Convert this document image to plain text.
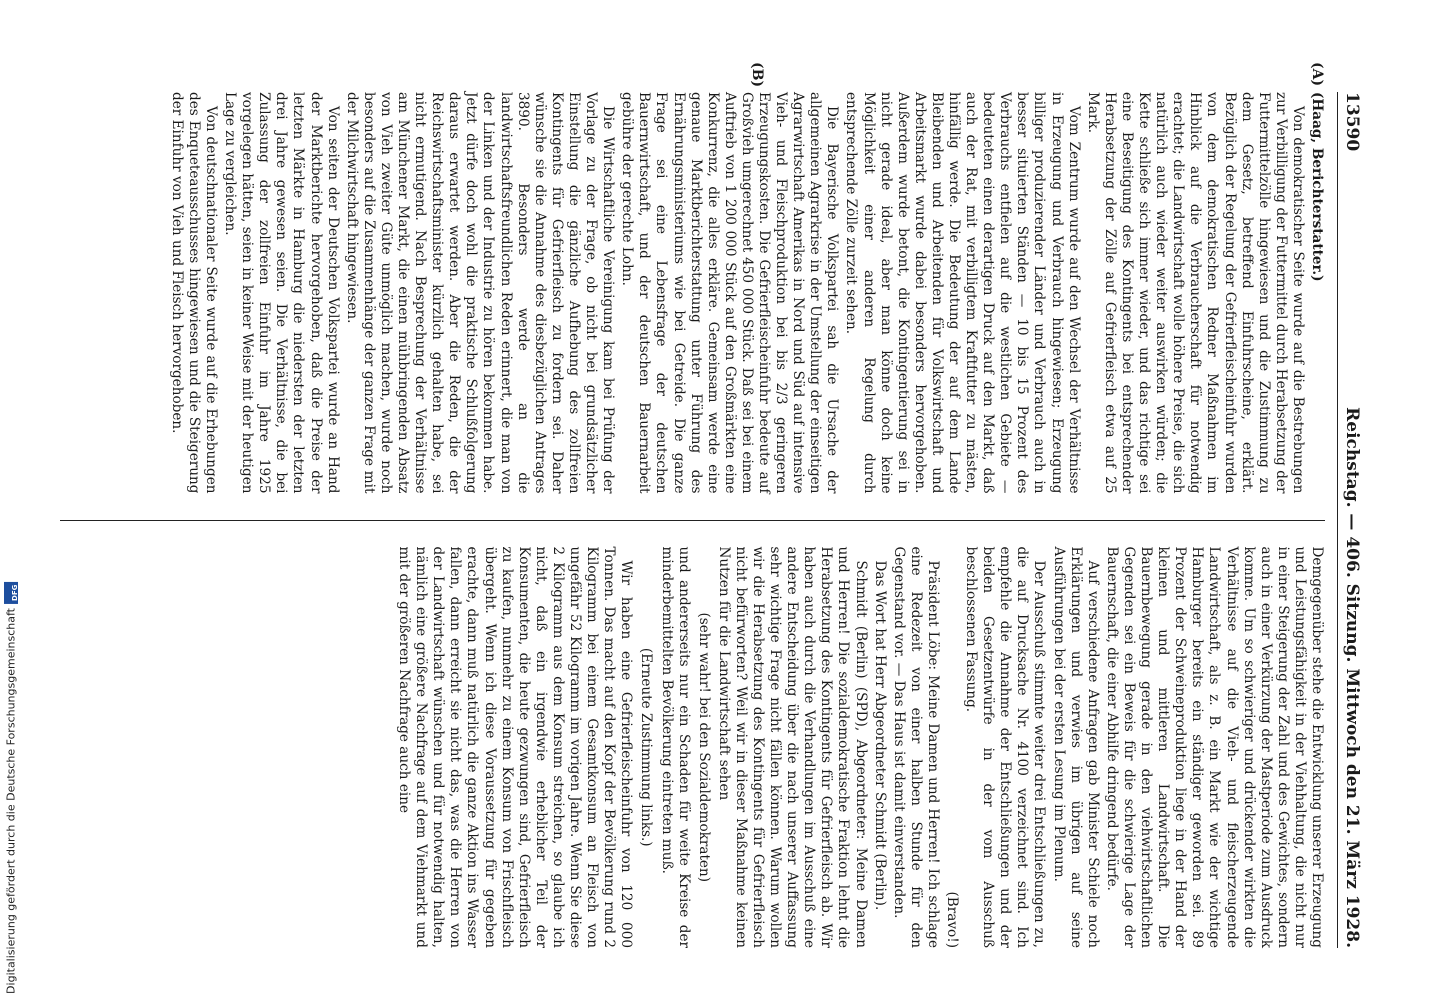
13590
Reichstag. — 406. Sitzung. Mittwoch den 21. März 1928.
(A)
(B)

(Haag, Berichterstatter.)

Von demokratischer Seite wurde auf die Bestrebungen zur Verbilligung der Futtermittel durch Herabsetzung der Futtermittelzölle hingewiesen und die Zustimmung zu dem Gesetz, betreffend Einfuhrscheine, erklärt. Bezüglich der Regelung der Gefrierfleischeinfuhr wurden von dem demokratischen Redner Maßnahmen im Hinblick auf die Verbraucherschaft für notwendig erachtet; die Landwirtschaft wolle höhere Preise, die sich natürlich auch wieder weiter auswirken würden; die Kette schließe sich immer wieder, und das richtige sei eine Beseitigung des Kontingents bei entsprechender Herabsetzung der Zölle auf Gefrierfleisch etwa auf 25 Mark.

Vom Zentrum wurde auf den Wechsel der Verhältnisse in Erzeugung und Verbrauch hingewiesen; Erzeugung billiger produzierender Länder und Verbrauch auch in besser situierten Ständen — 10 bis 15 Prozent des Verbrauchs entfielen auf die westlichen Gebiete — bedeuteten einen derartigen Druck auf den Markt, daß auch der Rat, mit verbilligtem Kraftfutter zu mästen, hinfällig werde. Die Bedeutung der auf dem Lande Bleibenden und Arbeitenden für Volkswirtschaft und Arbeitsmarkt wurde dabei besonders hervorgehoben. Außerdem wurde betont, die Kontingentierung sei in nicht gerade ideal, aber man könne doch keine Möglichkeit einer anderen Regelung durch entsprechende Zölle zurzeit sehen.

Die Bayerische Volkspartei sah die Ursache der allgemeinen Agrarkrise in der Umstellung der einseitigen Agrarwirtschaft Amerikas in Nord und Süd auf intensive Vieh- und Fleischproduktion bei bis 2/3 geringeren Erzeugungskosten. Die Gefrierfleischeinfuhr bedeute auf Großvieh umgerechnet 450 000 Stück. Daß sei bei einem Auftrieb von 1 200 000 Stück auf den Großmärkten eine Konkurrenz, die alles erkläre. Gemeinsam werde eine genaue Marktberichterstattung unter Führung des Ernährungsministeriums wie bei Getreide. Die ganze Frage sei eine Lebensfrage der deutschen Bauernwirtschaft, und der deutschen Bauernarbeit gebühre der gerechte Lohn.

Die Wirtschaftliche Vereinigung kam bei Prüfung der Vorlage zu der Frage, ob nicht bei grundsätzlicher Einstellung die gänzliche Aufhebung des zollfreien Kontingents für Gefrierfleisch zu fordern sei. Daher wünsche sie die Annahme des diesbezüglichen Antrages 3890. Besonders werde an die landwirtschaftsfreundlichen Reden erinnert, die man von der Linken und der Industrie zu hören bekommen habe. Jetzt dürfe doch wohl die praktische Schlußfolgerung daraus erwartet werden. Aber die Reden, die der Reichswirtschaftsminister kürzlich gehalten habe, sei nicht ermutigend. Nach Besprechung der Verhältnisse am Münchener Markt, die einen mühbringenden Absatz von Vieh zweiter Güte unmöglich machen, wurde noch besonders auf die Zusammenhänge der ganzen Frage mit der Milchwirtschaft hingewiesen.

Von seiten der Deutschen Volkspartei wurde an Hand der Marktberichte hervorgehoben, daß die Preise der letzten Märkte in Hamburg die niedersten der letzten drei Jahre gewesen seien. Die Verhältnisse, die bei Zulassung der zollfreien Einfuhr im Jahre 1925 vorgelegen hätten, seien in keiner Weise mit der heutigen Lage zu vergleichen.

Von deutschnationaler Seite wurde auf die Erhebungen des Enqueteausschusses hingewiesen und die Steigerung der Einfuhr von Vieh und Fleisch hervorgehoben.

Demgegenüber stehe die Entwicklung unserer Erzeugung und Leistungsfähigkeit in der Viehhaltung, die nicht nur in einer Steigerung der Zahl und des Gewichtes, sondern auch in einer Verkürzung der Mastperiode zum Ausdruck komme. Um so schwieriger und drückender wirkten die Verhältnisse auf die Vieh- und fleischerzeugende Landwirtschaft, als z. B. ein Markt wie der wichtige Hamburger bereits ein ständiger geworden sei. 89 Prozent der Schweineproduktion liege in der Hand der kleinen und mittleren Landwirtschaft. Die Bauernbewegung gerade in den viehwirtschaftlichen Gegenden sei ein Beweis für die schwierige Lage der Bauernschaft, die einer Abhilfe dringend bedürfe.

Auf verschiedene Anfragen gab Minister Schiele noch Erklärungen und verwies im übrigen auf seine Ausführungen bei der ersten Lesung im Plenum.

Der Ausschuß stimmte weiter drei Entschließungen zu, die auf Drucksache Nr. 4100 verzeichnet sind. Ich empfehle die Annahme der Entschließungen und der beiden Gesetzentwürfe in der vom Ausschuß beschlossenen Fassung.

(Bravo!)

Präsident Löbe: Meine Damen und Herren! Ich schlage eine Redezeit von einer halben Stunde für den Gegenstand vor. — Das Haus ist damit einverstanden.

Das Wort hat Herr Abgeordneter Schmidt (Berlin).

Schmidt (Berlin) (SPD), Abgeordneter: Meine Damen und Herren! Die sozialdemokratische Fraktion lehnt die Herabsetzung des Kontingents für Gefrierfleisch ab. Wir haben auch durch die Verhandlungen im Ausschuß eine andere Entscheidung über die nach unserer Auffassung sehr wichtige Frage nicht fällen können. Warum wollen wir die Herabsetzung des Kontingents für Gefrierfleisch nicht befürworten? Weil wir in dieser Maßnahme keinen Nutzen für die Landwirtschaft sehen

(sehr wahr! bei den Sozialdemokraten)

und andererseits nur ein Schaden für weite Kreise der minderbemittelten Bevölkerung eintreten muß.

(Erneute Zustimmung links.)

Wir haben eine Gefrierfleischeinfuhr von 120 000 Tonnen. Das macht auf den Kopf der Bevölkerung rund 2 Kilogramm bei einem Gesamtkonsum an Fleisch von ungefähr 52 Kilogramm im vorigen Jahre. Wenn Sie diese 2 Kilogramm aus dem Konsum streichen, so glaube ich nicht, daß ein irgendwie erheblicher Teil der Konsumenten, die heute gezwungen sind, Gefrierfleisch zu kaufen, nunmehr zu einem Konsum von Frischfleisch übergeht. Wenn ich diese Voraussetzung für gegeben erachte, dann muß natürlich die ganze Aktion ins Wasser fallen, dann erreicht sie nicht das, was die Herren von der Landwirtschaft wünschen und für notwendig halten, nämlich eine größere Nachfrage auf dem Viehmarkt und mit der größeren Nachfrage auch eine

Digitalisierung gefördert durch die Deutsche Forschungsgemeinschaft
DFG
